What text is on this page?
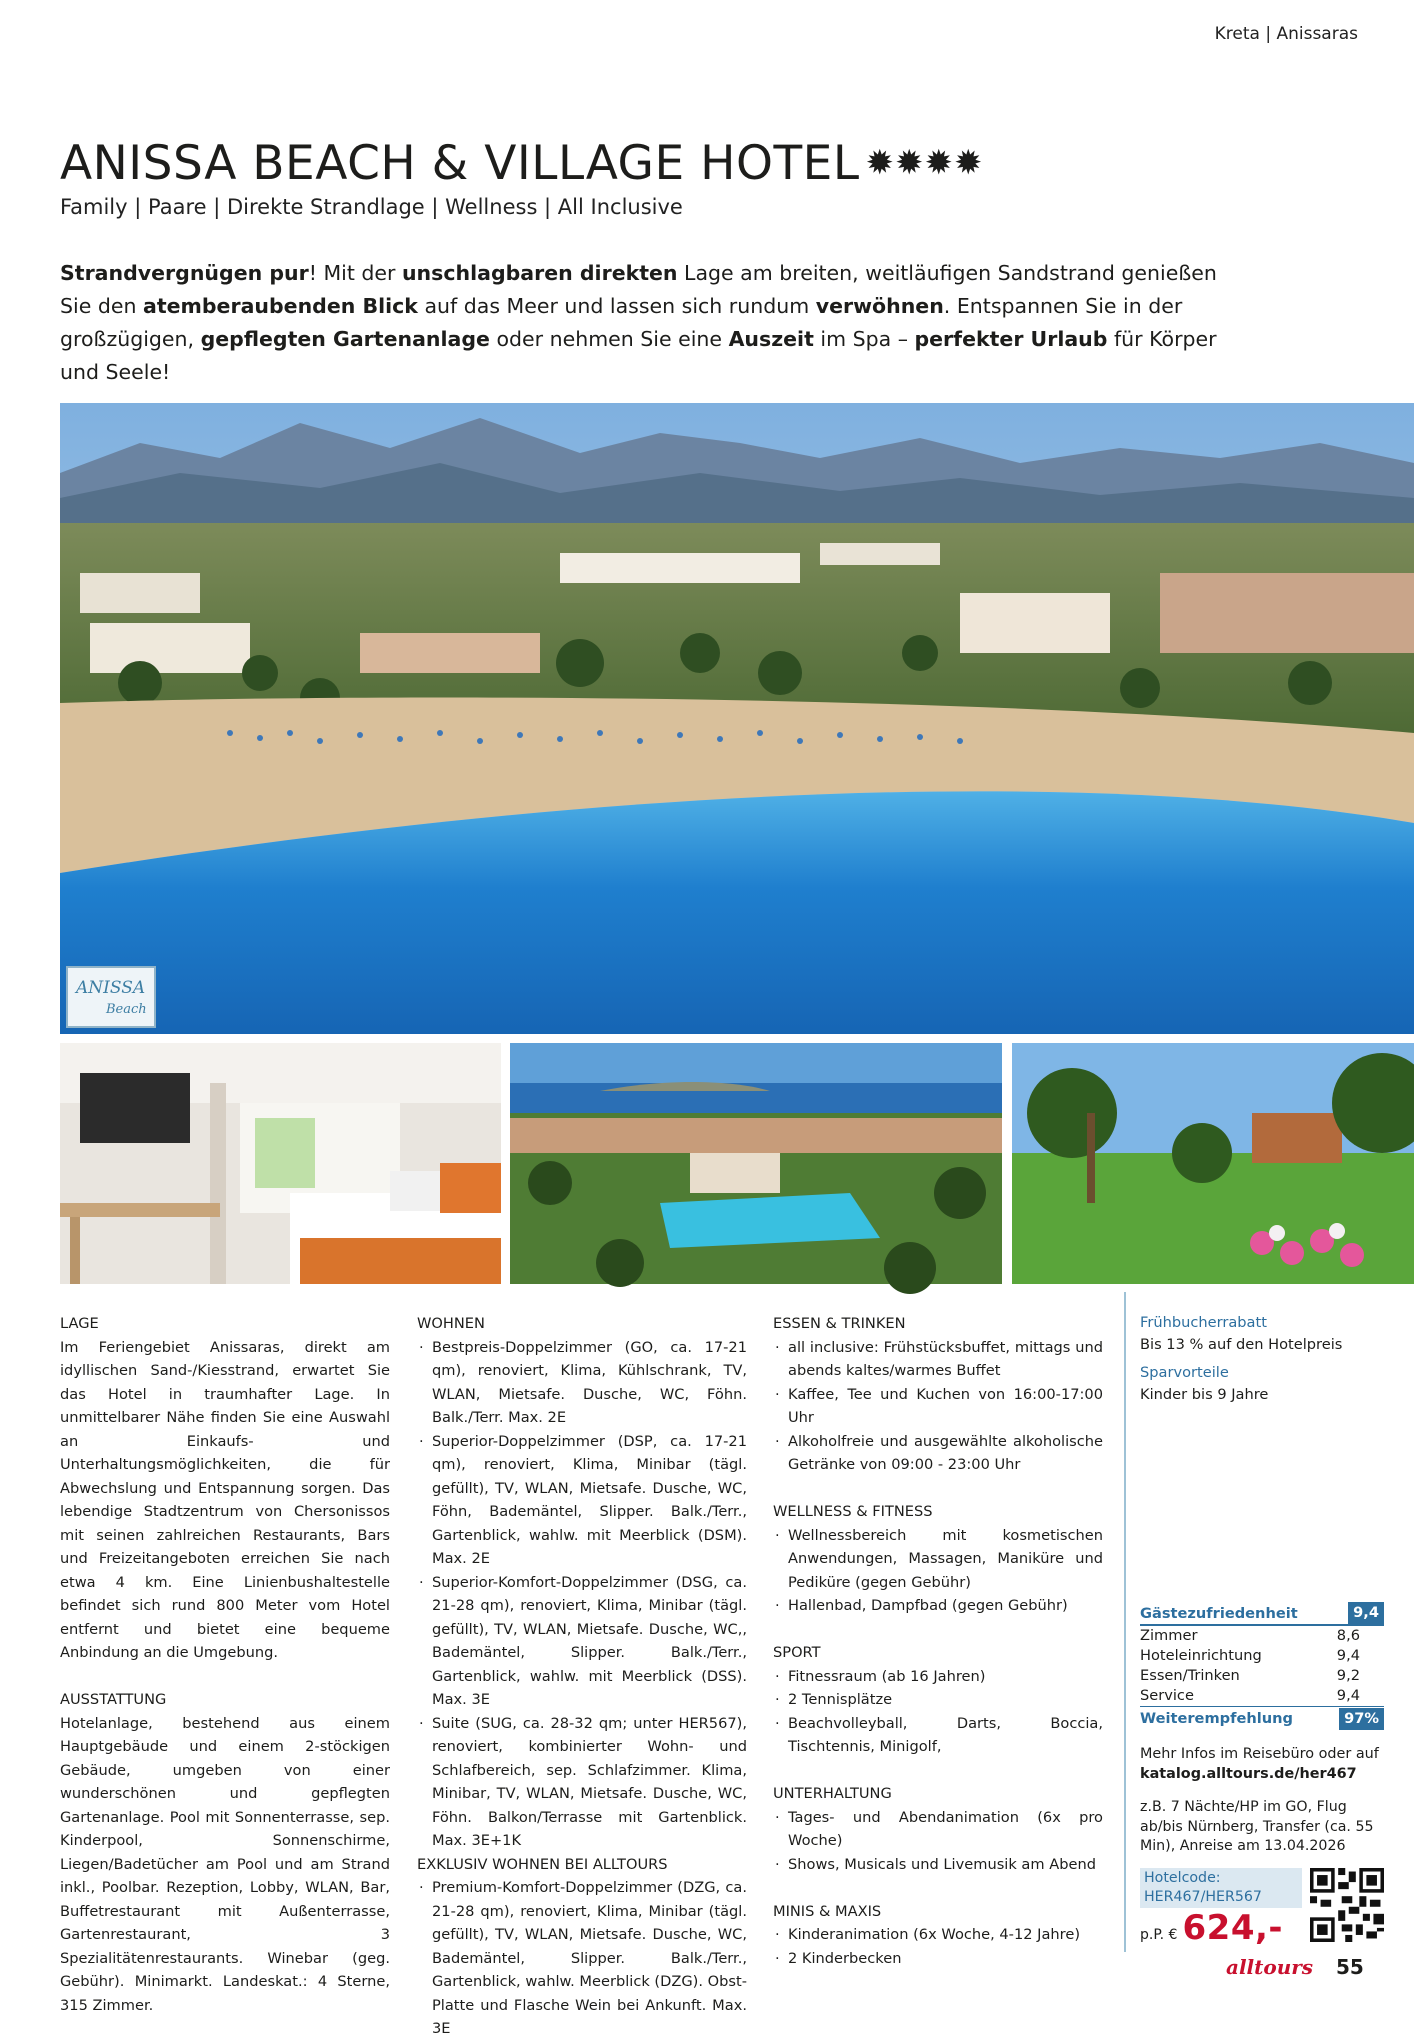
Kreta | Anissaras
ANISSA BEACH & VILLAGE HOTEL ✹✹✹✹
Family | Paare | Direkte Strandlage | Wellness | All Inclusive
Strandvergnügen pur! Mit der unschlagbaren direkten Lage am breiten, weitläufigen Sandstrand genießen Sie den atemberaubenden Blick auf das Meer und lassen sich rundum verwöhnen. Entspannen Sie in der großzügigen, gepflegten Gartenanlage oder nehmen Sie eine Auszeit im Spa – perfekter Urlaub für Körper und Seele!
ANISSA
Beach
LAGE

Im Feriengebiet Anissaras, direkt am idyllischen Sand-/Kiesstrand, erwartet Sie das Hotel in traumhafter Lage. In unmittelbarer Nähe finden Sie eine Auswahl an Einkaufs- und Unterhaltungsmöglichkeiten, die für Abwechslung und Entspannung sorgen. Das lebendige Stadtzentrum von Chersonissos mit seinen zahlreichen Restaurants, Bars und Freizeitangeboten erreichen Sie nach etwa 4 km. Eine Linienbushaltestelle befindet sich rund 800 Meter vom Hotel entfernt und bietet eine bequeme Anbindung an die Umgebung.

AUSSTATTUNG

Hotelanlage, bestehend aus einem Hauptgebäude und einem 2-stöckigen Gebäude, umgeben von einer wunderschönen und gepflegten Gartenanlage. Pool mit Sonnenterrasse, sep. Kinderpool, Sonnenschirme, Liegen/Badetücher am Pool und am Strand inkl., Poolbar. Rezeption, Lobby, WLAN, Bar, Buffetrestaurant mit Außenterrasse, Gartenrestaurant, 3 Spezialitätenrestaurants. Winebar (geg. Gebühr). Minimarkt. Landeskat.: 4 Sterne, 315 Zimmer.

WOHNEN
· Bestpreis-Doppelzimmer (GO, ca. 17-21 qm), renoviert, Klima, Kühlschrank, TV, WLAN, Mietsafe. Dusche, WC, Föhn. Balk./Terr. Max. 2E
· Superior-Doppelzimmer (DSP, ca. 17-21 qm), renoviert, Klima, Minibar (tägl. gefüllt), TV, WLAN, Mietsafe. Dusche, WC, Föhn, Bademäntel, Slipper. Balk./Terr., Gartenblick, wahlw. mit Meerblick (DSM). Max. 2E
· Superior-Komfort-Doppelzimmer (DSG, ca. 21-28 qm), renoviert, Klima, Minibar (tägl. gefüllt), TV, WLAN, Mietsafe. Dusche, WC,, Bademäntel, Slipper. Balk./Terr., Gartenblick, wahlw. mit Meerblick (DSS). Max. 3E
· Suite (SUG, ca. 28-32 qm; unter HER567), renoviert, kombinierter Wohn- und Schlafbereich, sep. Schlafzimmer. Klima, Minibar, TV, WLAN, Mietsafe. Dusche, WC, Föhn. Balkon/Terrasse mit Gartenblick. Max. 3E+1K
EXKLUSIV WOHNEN BEI ALLTOURS
· Premium-Komfort-Doppelzimmer (DZG, ca. 21-28 qm), renoviert, Klima, Minibar (tägl. gefüllt), TV, WLAN, Mietsafe. Dusche, WC, Bademäntel, Slipper. Balk./Terr., Gartenblick, wahlw. Meerblick (DZG). Obst-Platte und Flasche Wein bei Ankunft. Max. 3E
ESSEN & TRINKEN
· all inclusive: Frühstücksbuffet, mittags und abends kaltes/warmes Buffet
· Kaffee, Tee und Kuchen von 16:00-17:00 Uhr
· Alkoholfreie und ausgewählte alkoholische Getränke von 09:00 - 23:00 Uhr
WELLNESS & FITNESS
· Wellnessbereich mit kosmetischen Anwendungen, Massagen, Maniküre und Pediküre (gegen Gebühr)
· Hallenbad, Dampfbad (gegen Gebühr)
SPORT
· Fitnessraum (ab 16 Jahren)
· 2 Tennisplätze
· Beachvolleyball, Darts, Boccia, Tischtennis, Minigolf,
UNTERHALTUNG
· Tages- und Abendanimation (6x pro Woche)
· Shows, Musicals und Livemusik am Abend
MINIS & MAXIS
· Kinderanimation (6x Woche, 4-12 Jahre)
· 2 Kinderbecken
Frühbucherrabatt
Bis 13 % auf den Hotelpreis
Sparvorteile
Kinder bis 9 Jahre
Gästezufriedenheit	9,4
Zimmer	8,6
Hoteleinrichtung	9,4
Essen/Trinken	9,2
Service	9,4
Weiterempfehlung	97%
Mehr Infos im Reisebüro oder auf
katalog.alltours.de/her467
z.B. 7 Nächte/HP im GO, Flug ab/bis Nürnberg, Transfer (ca. 55 Min), Anreise am 13.04.2026
Hotelcode:
HER467/HER567
p.P. € 624,-
alltours 55
